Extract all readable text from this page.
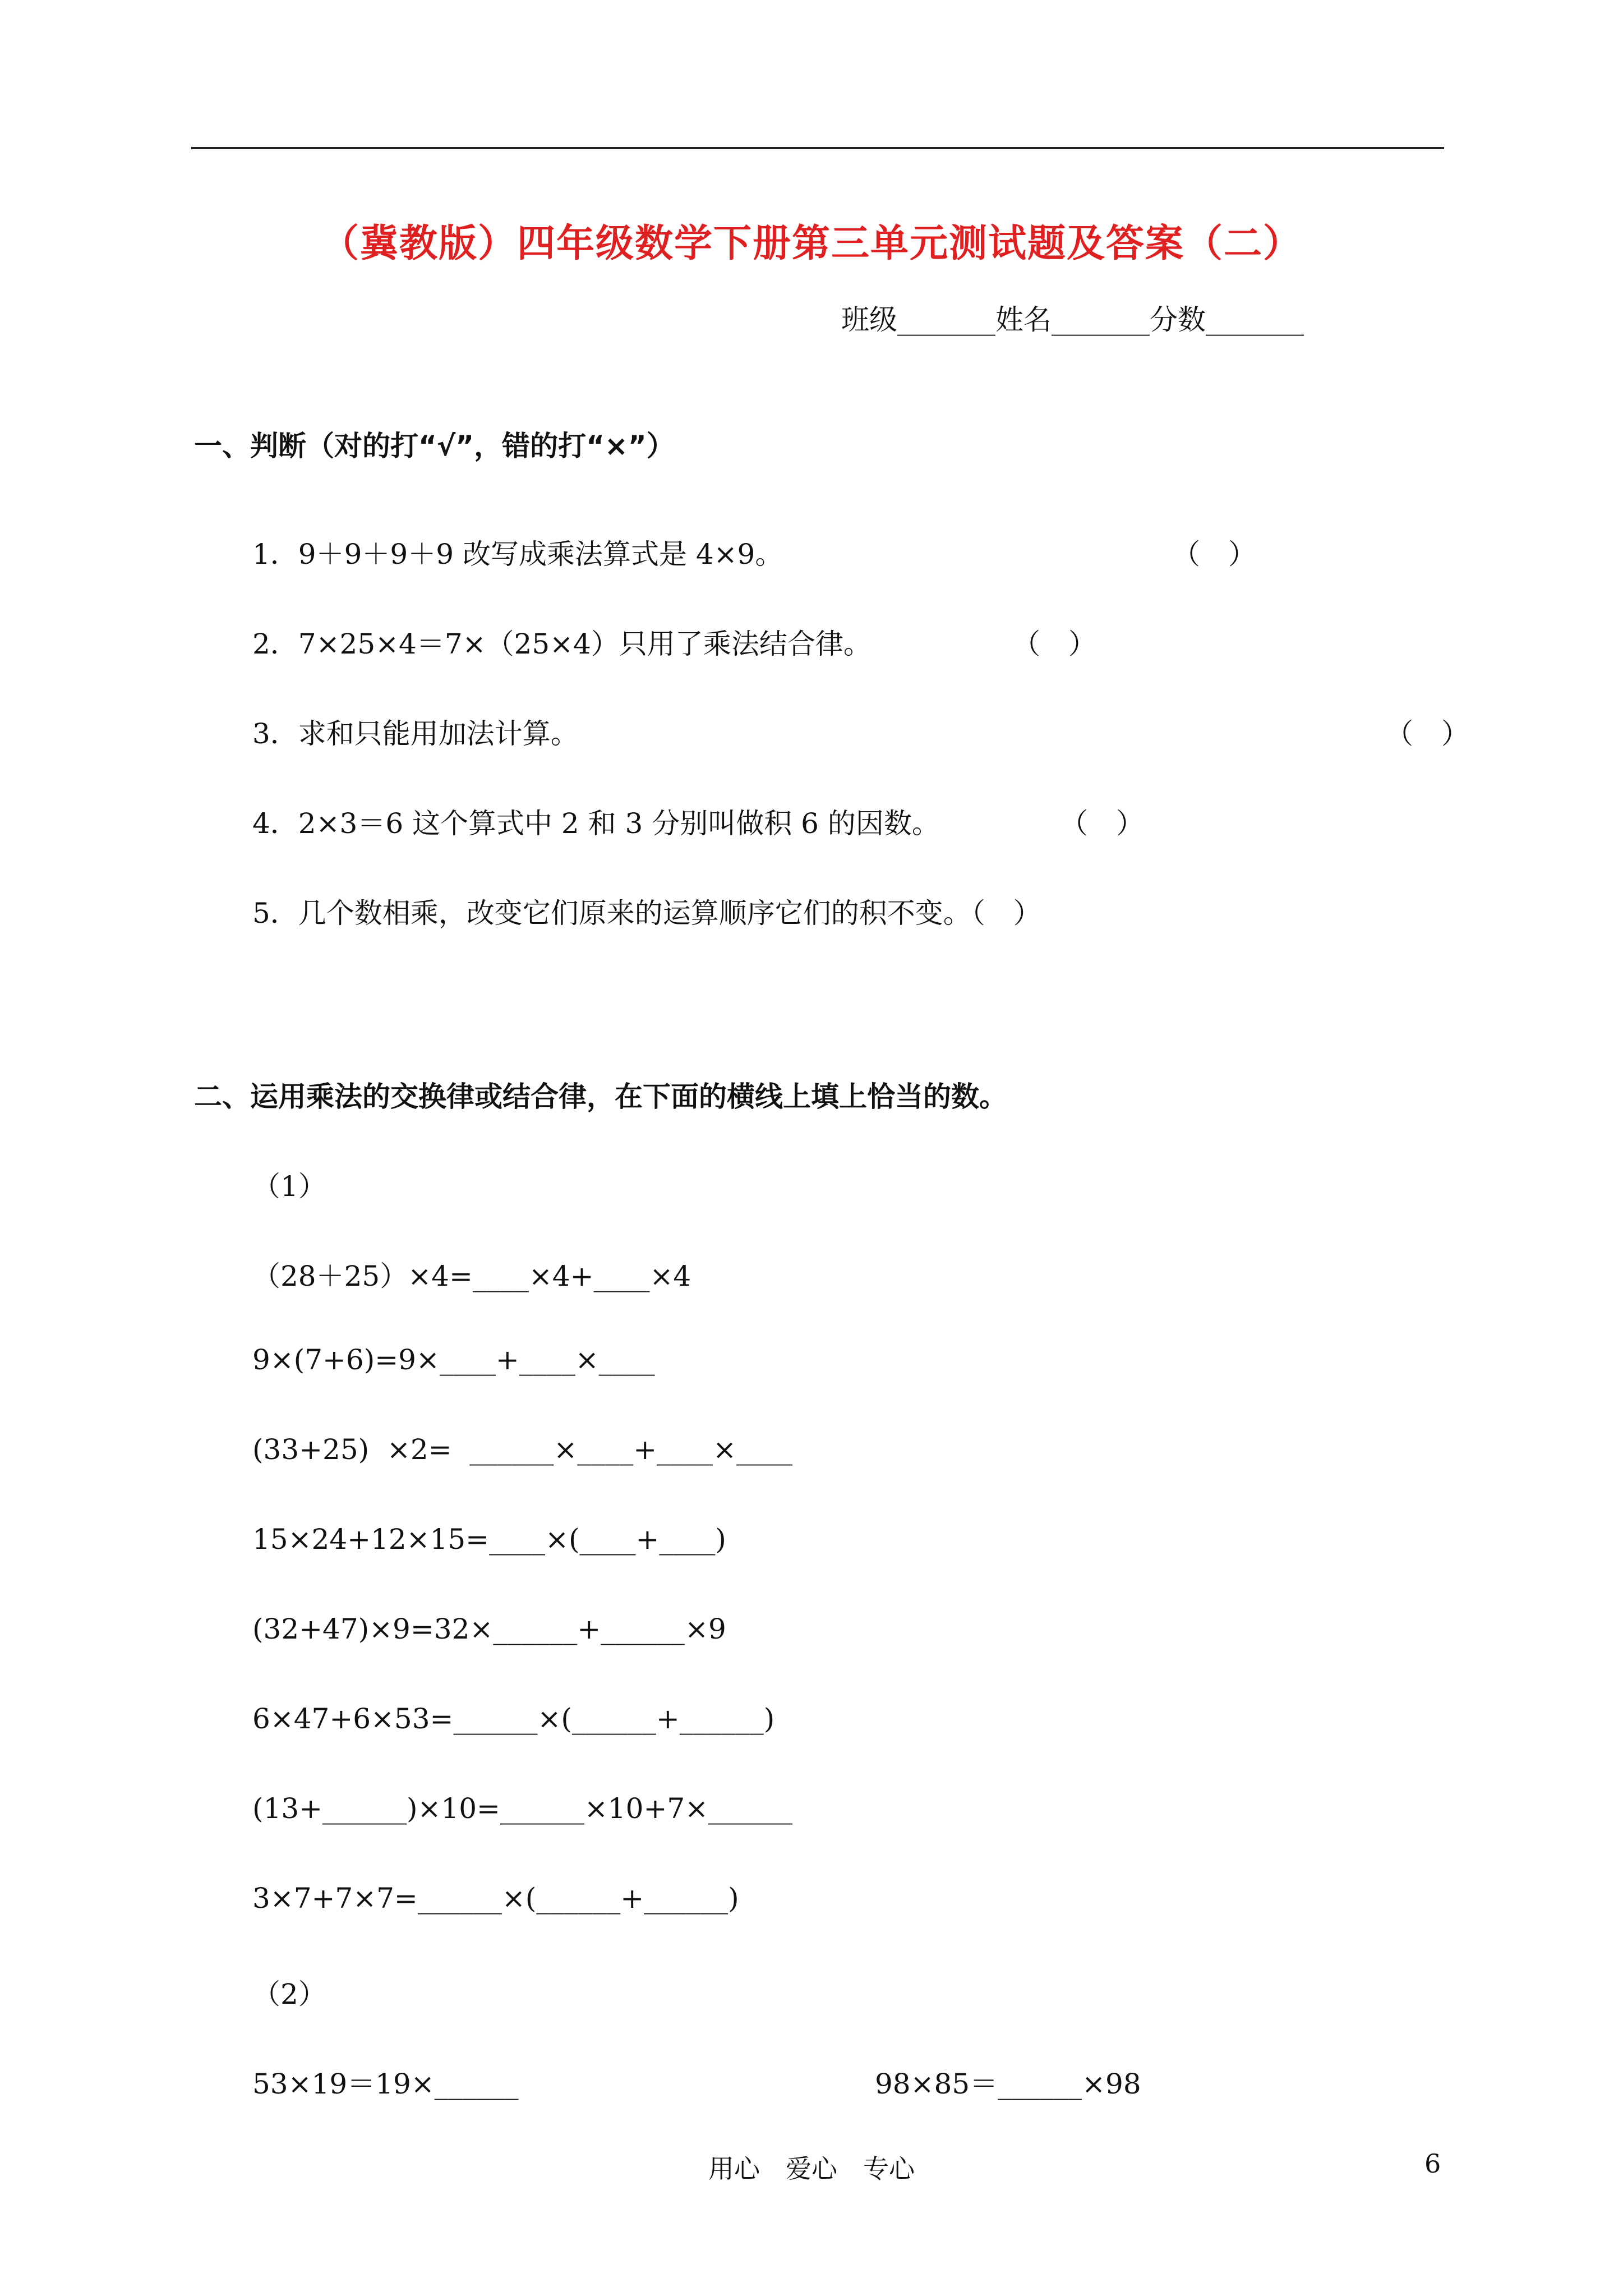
（冀教版）四年级数学下册第三单元测试题及答案（二）
班级_______姓名_______分数_______
一、判断（对的打“√”，错的打“×”）
1．9＋9＋9＋9 改写成乘法算式是 4×9。	（　）
2．7×25×4＝7×（25×4）只用了乘法结合律。	（　）
3．求和只能用加法计算。	（　）
4．2×3＝6 这个算式中 2 和 3 分别叫做积 6 的因数。	（　）
5．几个数相乘，改变它们原来的运算顺序它们的积不变。（　）
二、运用乘法的交换律或结合律，在下面的横线上填上恰当的数。
（1）
（28＋25）×4=____×4+____×4
9×(7+6)=9×____+____×____
(33+25)  ×2=  ______×____+____×____
15×24+12×15=____×(____+____)
(32+47)×9=32×______+______×9
6×47+6×53=______×(______+______)
(13+______)×10=______×10+7×______
3×7+7×7=______×(______+______)
（2）
53×19＝19×______	98×85＝______×98
用心　爱心　专心	6
